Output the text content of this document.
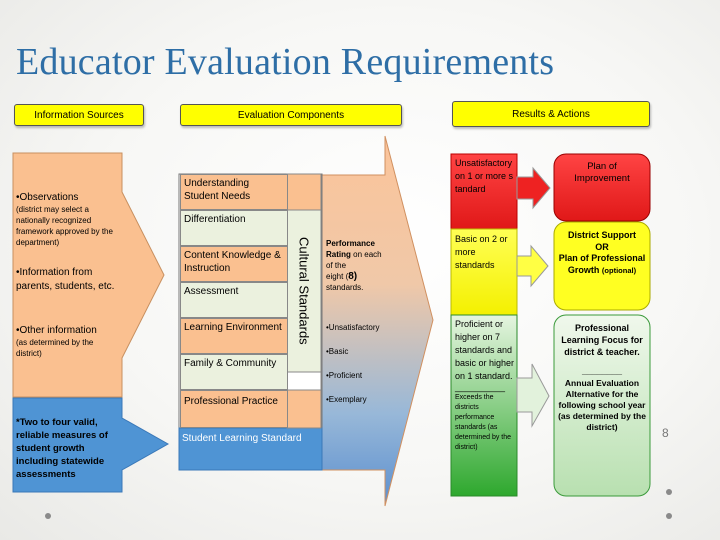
Educator Evaluation Requirements
Information Sources	Evaluation Components	Results & Actions
•Observations
(district may select a nationally recognized framework approved by the department)
•Information from parents, students, etc.
•Other information
(as determined by the district)
*Two to four valid, reliable measures of student growth including statewide assessments
Understanding Student Needs
Differentiation
Content Knowledge & Instruction
Assessment
Learning Environment
Family & Community
Professional Practice
Student Learning Standard
Cultural Standards	Performance
Rating on each
of the
eight (8)
standards.
•Unsatisfactory
•Basic
•Proficient
•Exemplary
Unsatisfactory on 1 or more standard
Basic on 2 or more standards
Proficient or higher on 7 standards and basic or higher on 1 standard.
__________
Exceeds the districts performance standards (as determined by the district)
Plan of Improvement
District Support
OR
Plan of Professional Growth (optional)
Professional Learning Focus for district & teacher.
________
Annual Evaluation Alternative for the following school year
(as determined by the district)	8
